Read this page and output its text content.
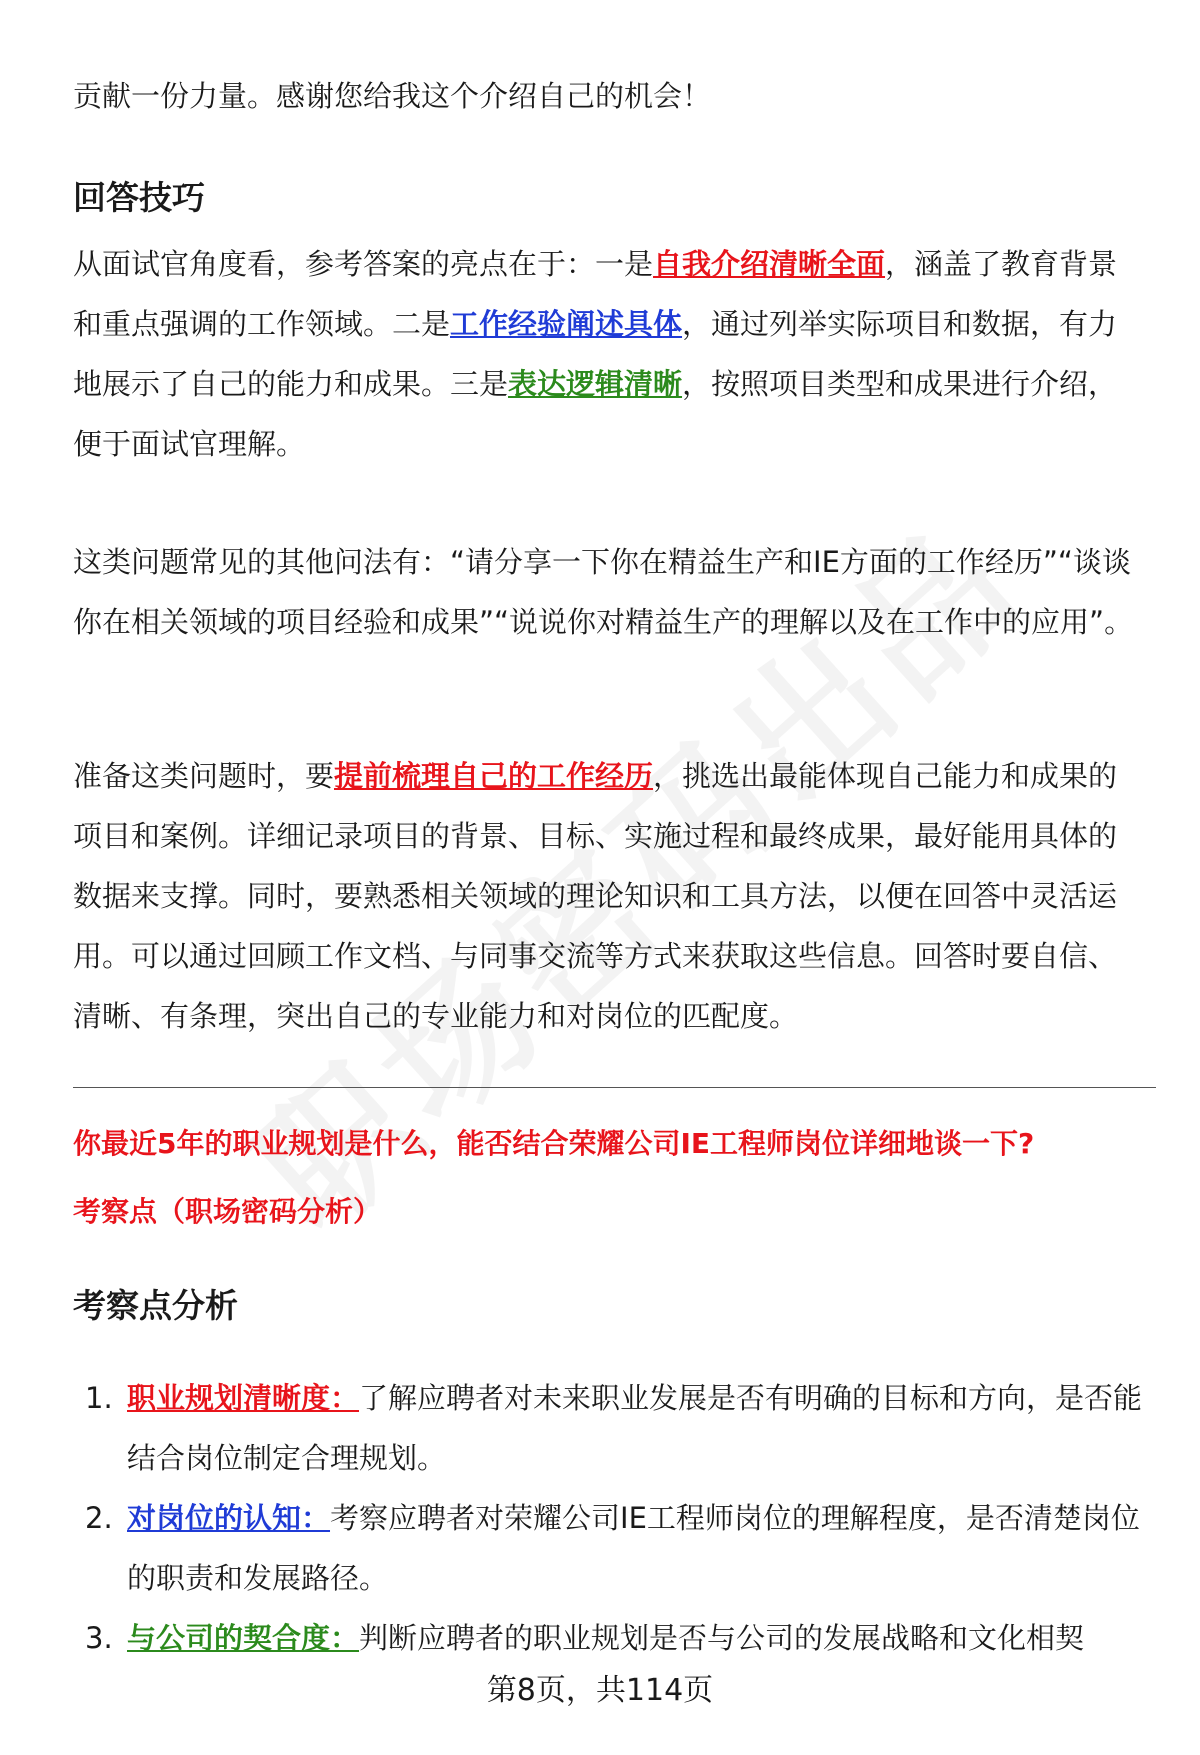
贡献一份力量。感谢您给我这个介绍自己的机会！

回答技巧

从面试官角度看，参考答案的亮点在于：一是自我介绍清晰全面，涵盖了教育背景和重点强调的工作领域。二是工作经验阐述具体，通过列举实际项目和数据，有力地展示了自己的能力和成果。三是表达逻辑清晰，按照项目类型和成果进行介绍，便于面试官理解。

这类问题常见的其他问法有：“请分享一下你在精益生产和IE方面的工作经历”“谈谈你在相关领域的项目经验和成果”“说说你对精益生产的理解以及在工作中的应用”。

准备这类问题时，要提前梳理自己的工作经历，挑选出最能体现自己能力和成果的项目和案例。详细记录项目的背景、目标、实施过程和最终成果，最好能用具体的数据来支撑。同时，要熟悉相关领域的理论知识和工具方法，以便在回答中灵活运用。可以通过回顾工作文档、与同事交流等方式来获取这些信息。回答时要自信、清晰、有条理，突出自己的专业能力和对岗位的匹配度。

你最近5年的职业规划是什么，能否结合荣耀公司IE工程师岗位详细地谈一下?

考察点（职场密码分析）

考察点分析
1. 职业规划清晰度：了解应聘者对未来职业发展是否有明确的目标和方向，是否能结合岗位制定合理规划。
2. 对岗位的认知：考察应聘者对荣耀公司IE工程师岗位的理解程度，是否清楚岗位的职责和发展路径。
3. 与公司的契合度：判断应聘者的职业规划是否与公司的发展战略和文化相契
第8页，共114页
